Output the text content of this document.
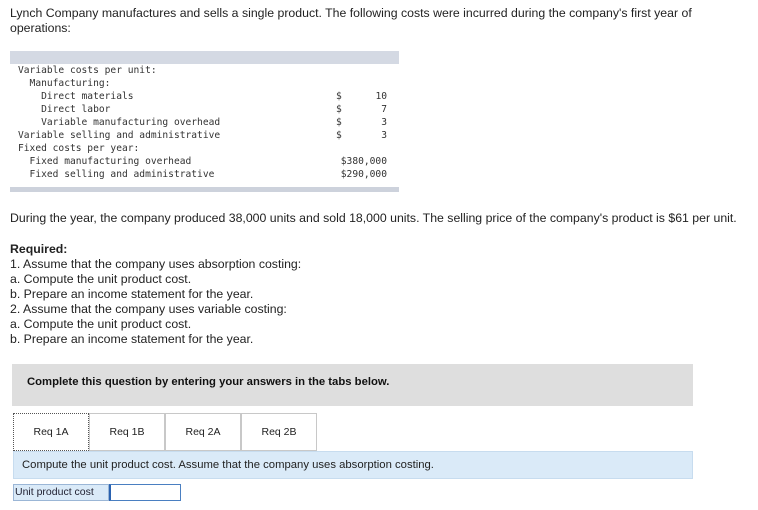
Lynch Company manufactures and sells a single product. The following costs were incurred during the company's first year of operations:
Variable costs per unit:
Manufacturing:
Direct materials	$	10
Direct labor	$	7
Variable manufacturing overhead	$	3
Variable selling and administrative	$	3
Fixed costs per year:
Fixed manufacturing overhead	$380,000
Fixed selling and administrative	$290,000
During the year, the company produced 38,000 units and sold 18,000 units. The selling price of the company's product is $61 per unit.
Required:
1. Assume that the company uses absorption costing:
a. Compute the unit product cost.
b. Prepare an income statement for the year.
2. Assume that the company uses variable costing:
a. Compute the unit product cost.
b. Prepare an income statement for the year.
Complete this question by entering your answers in the tabs below.
Req 1A	Req 1B	Req 2A	Req 2B
Compute the unit product cost. Assume that the company uses absorption costing.
Unit product cost
